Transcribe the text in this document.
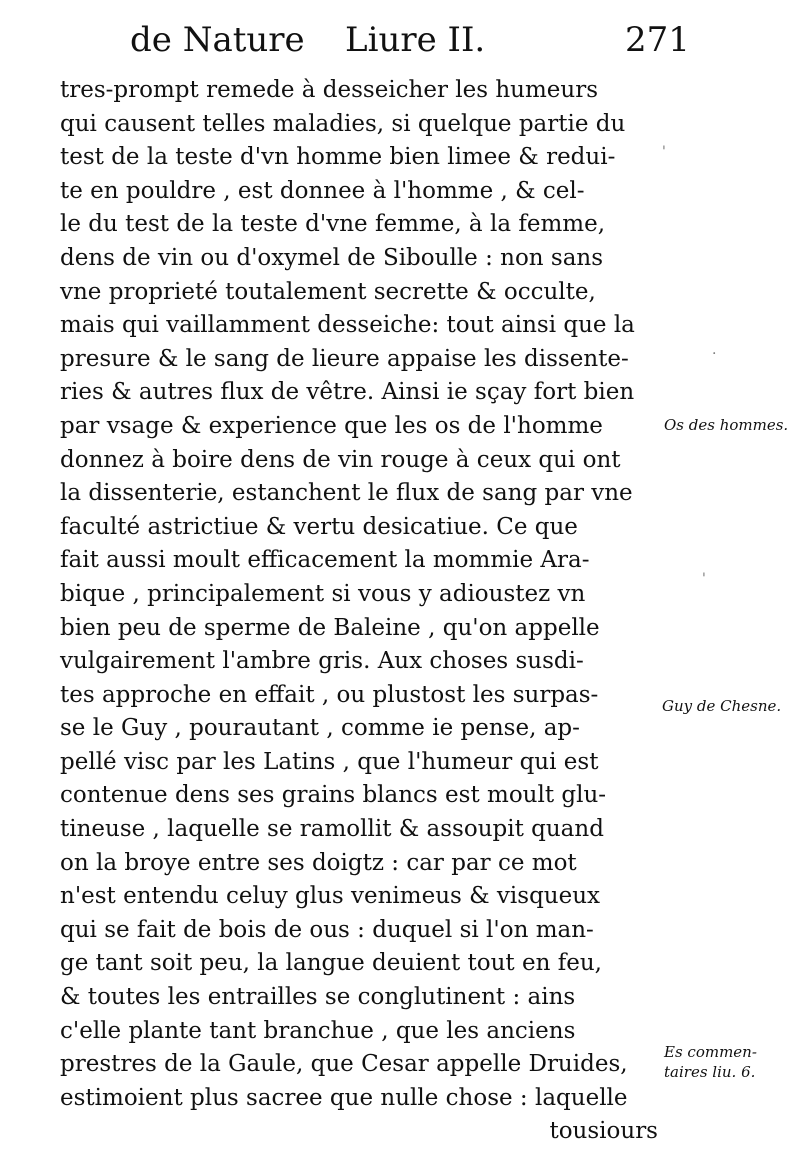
de Nature Liure II.	271
tres-prompt remede à desseicher les humeurs
qui causent telles maladies, si quelque partie du
test de la teste d'vn homme bien limee & redui-
te en pouldre , est donnee à l'homme , & cel-
le du test de la teste d'vne femme, à la femme,
dens de vin ou d'oxymel de Siboulle : non sans
vne proprieté toutalement secrette & occulte,
mais qui vaillamment desseiche: tout ainsi que la
presure & le sang de lieure appaise les dissente-
ries & autres flux de vêtre. Ainsi ie sçay fort bien
par vsage & experience que les os de l'homme
donnez à boire dens de vin rouge à ceux qui ont
la dissenterie, estanchent le flux de sang par vne
faculté astrictiue & vertu desicatiue. Ce que
fait aussi moult efficacement la mommie Ara-
bique , principalement si vous y adioustez vn
bien peu de sperme de Baleine , qu'on appelle
vulgairement l'ambre gris. Aux choses susdi-
tes approche en effait , ou plustost les surpas-
se le Guy , pourautant , comme ie pense, ap-
pellé visc par les Latins , que l'humeur qui est
contenue dens ses grains blancs est moult glu-
tineuse , laquelle se ramollit & assoupit quand
on la broye entre ses doigtz : car par ce mot
n'est entendu celuy glus venimeus & visqueux
qui se fait de bois de ous : duquel si l'on man-
ge tant soit peu, la langue deuient tout en feu,
& toutes les entrailles se conglutinent : ains
c'elle plante tant branchue , que les anciens
prestres de la Gaule, que Cesar appelle Druides,
estimoient plus sacree que nulle chose : laquelle
tousiours
Os des hommes.
Guy de Chesne.
Es commen-
taires liu. 6.
'
·
'
